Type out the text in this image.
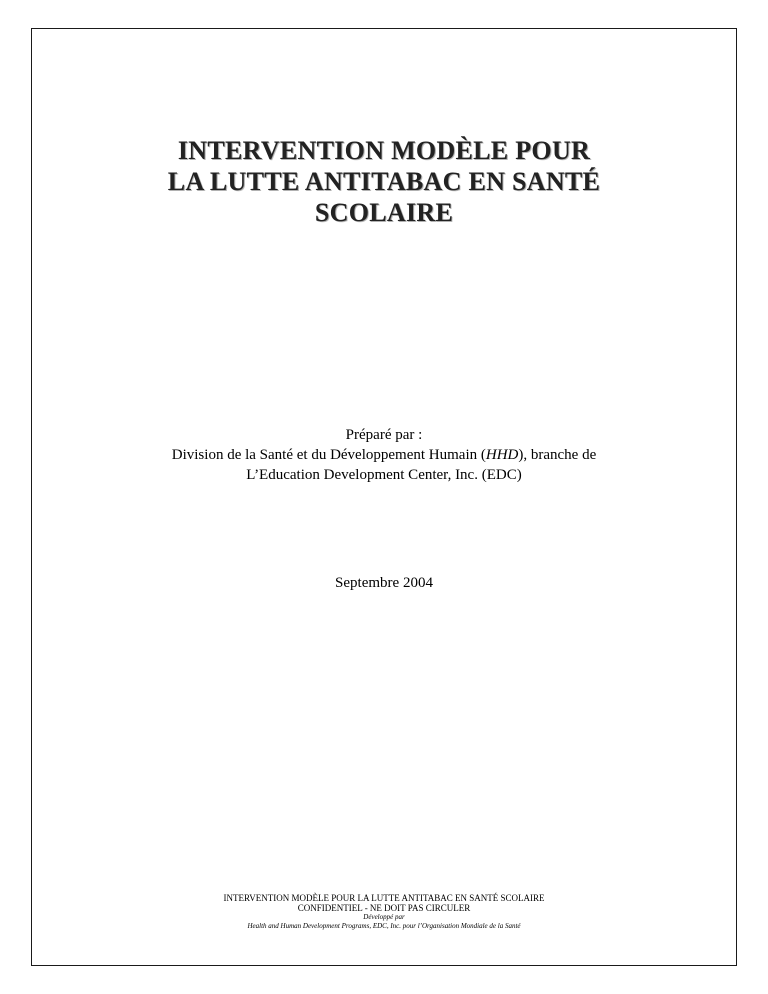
INTERVENTION MODÈLE POUR
LA LUTTE ANTITABAC EN SANTÉ
SCOLAIRE
Préparé par :
Division de la Santé et du Développement Humain (HHD), branche de
L’Education Development Center, Inc. (EDC)
Septembre 2004
INTERVENTION MODÈLE POUR LA LUTTE ANTITABAC EN SANTÉ SCOLAIRE
CONFIDENTIEL - NE DOIT PAS CIRCULER
Développé par
Health and Human Development Programs, EDC, Inc. pour l’Organisation Mondiale de la Santé
